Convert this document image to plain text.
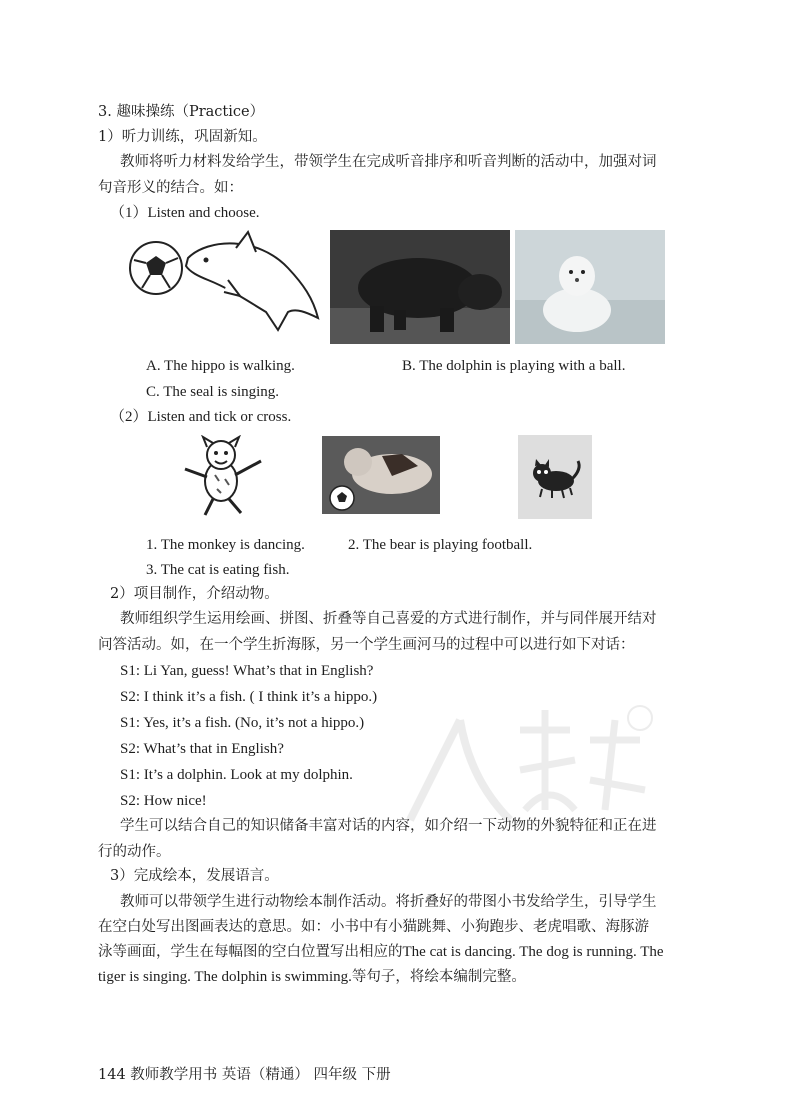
3. 趣味操练（Practice）
1）听力训练，巩固新知。
教师将听力材料发给学生，带领学生在完成听音排序和听音判断的活动中，加强对词
句音形义的结合。如：
（1）Listen and choose.
A. The hippo is walking.	B. The dolphin is playing with a ball.
C. The seal is singing.
（2）Listen and tick or cross.
1. The monkey is dancing.	2. The bear is playing football.
3. The cat is eating fish.
2）项目制作，介绍动物。
教师组织学生运用绘画、拼图、折叠等自己喜爱的方式进行制作，并与同伴展开结对
问答活动。如，在一个学生折海豚，另一个学生画河马的过程中可以进行如下对话：
S1: Li Yan, guess! What’s that in English?
S2: I think it’s a fish. ( I think it’s a hippo.)
S1: Yes, it’s a fish. (No, it’s not a hippo.)
S2: What’s that in English?
S1: It’s a dolphin. Look at my dolphin.
S2: How nice!
学生可以结合自己的知识储备丰富对话的内容，如介绍一下动物的外貌特征和正在进
行的动作。
3）完成绘本，发展语言。
教师可以带领学生进行动物绘本制作活动。将折叠好的带图小书发给学生，引导学生
在空白处写出图画表达的意思。如：小书中有小猫跳舞、小狗跑步、老虎唱歌、海豚游
泳等画面，学生在每幅图的空白位置写出相应的The cat is dancing. The dog is running. The
tiger is singing. The dolphin is swimming.等句子，将绘本编制完整。
144 教师教学用书 英语（精通） 四年级 下册
